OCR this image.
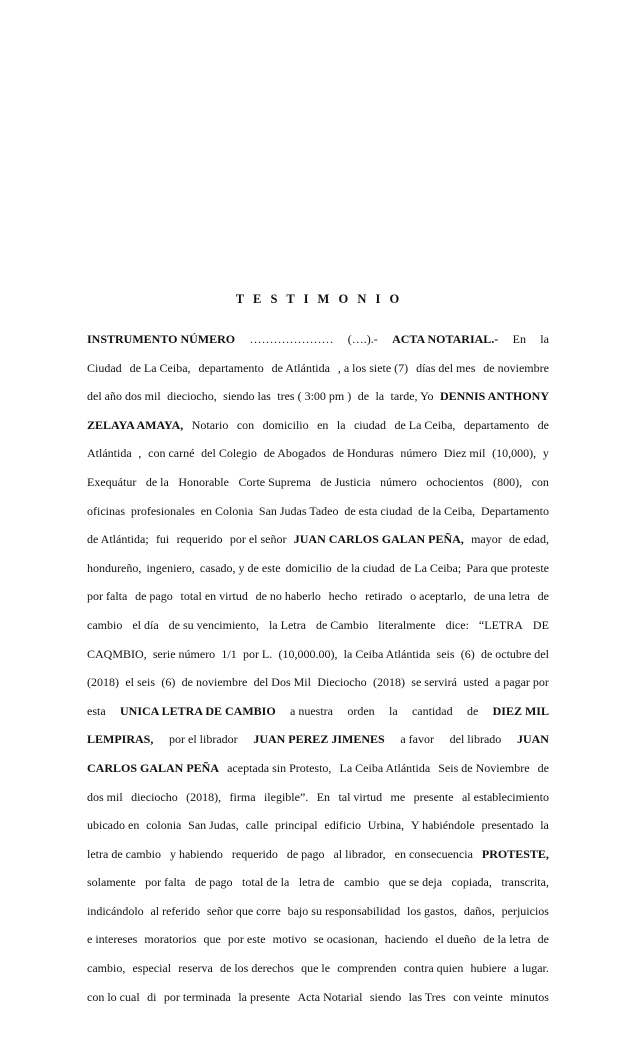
T E S T I M O N I O
INSTRUMENTO NÚMERO ………………… (….).- ACTA NOTARIAL.- En la
Ciudad de La Ceiba, departamento de Atlántida , a los siete (7) días del mes de noviembre
del año dos mil dieciocho, siendo las tres ( 3:00 pm ) de la tarde, Yo DENNIS ANTHONY
ZELAYA AMAYA, Notario con domicilio en la ciudad de La Ceiba, departamento de
Atlántida , con carné del Colegio de Abogados de Honduras número Diez mil (10,000), y
Exequátur de la Honorable Corte Suprema de Justicia número ochocientos (800), con
oficinas profesionales en Colonia San Judas Tadeo de esta ciudad de la Ceiba, Departamento
de Atlántida; fui requerido por el señor JUAN CARLOS GALAN PEÑA, mayor de edad,
hondureño, ingeniero, casado, y de este domicilio de la ciudad de La Ceiba; Para que proteste
por falta de pago total en virtud de no haberlo hecho retirado o aceptarlo, de una letra de
cambio el día de su vencimiento, la Letra de Cambio literalmente dice: “LETRA DE
CAQMBIO, serie número 1/1 por L. (10,000.00), la Ceiba Atlántida seis (6) de octubre del
(2018) el seis (6) de noviembre del Dos Mil Dieciocho (2018) se servirá usted a pagar por
esta UNICA LETRA DE CAMBIO a nuestra orden la cantidad de DIEZ MIL
LEMPIRAS, por el librador JUAN PEREZ JIMENES a favor del librado JUAN
CARLOS GALAN PEÑA aceptada sin Protesto, La Ceiba Atlántida Seis de Noviembre de
dos mil dieciocho (2018), firma ilegible”. En tal virtud me presente al establecimiento
ubicado en colonia San Judas, calle principal edificio Urbina, Y habiéndole presentado la
letra de cambio y habiendo requerido de pago al librador, en consecuencia PROTESTE,
solamente por falta de pago total de la letra de cambio que se deja copiada, transcrita,
indicándolo al referido señor que corre bajo su responsabilidad los gastos, daños, perjuicios
e intereses moratorios que por este motivo se ocasionan, haciendo el dueño de la letra de
cambio, especial reserva de los derechos que le comprenden contra quien hubiere a lugar.
con lo cual di por terminada la presente Acta Notarial siendo las Tres con veinte minutos
